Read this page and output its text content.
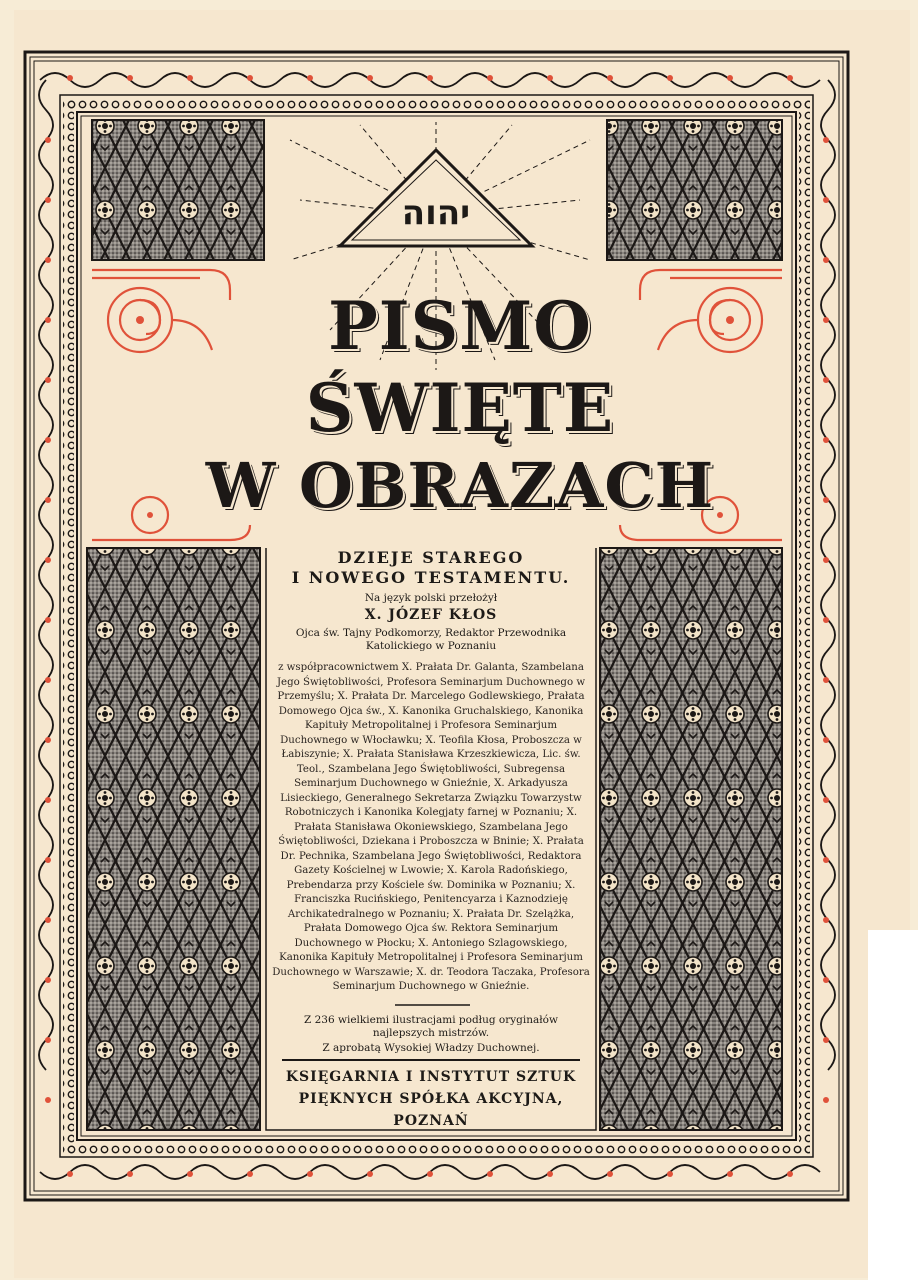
יהוה
PISMO
ŚWIĘTE
W OBRAZACH
DZIEJE STAREGO
I NOWEGO TESTAMENTU.
Na język polski przełożył
X. JÓZEF KŁOS
Ojca św. Tajny Podkomorzy, Redaktor Przewodnika Katolickiego w Poznaniu
z współpracownictwem X. Prałata Dr. Galanta, Szambelana Jego Świętobliwości, Profesora Seminarjum Duchownego w Przemyślu; X. Prałata Dr. Marcelego Godlewskiego, Prałata Domowego Ojca św., X. Kanonika Gruchalskiego, Kanonika Kapituły Metropolitalnej i Profesora Seminarjum Duchownego w Włocławku; X. Teofila Kłosa, Proboszcza w Łabiszynie; X. Prałata Stanisława Krzeszkiewicza, Lic. św. Teol., Szambelana Jego Świętobliwości, Subregensa Seminarjum Duchownego w Gnieźnie, X. Arkadyusza Lisieckiego, Generalnego Sekretarza Związku Towarzystw Robotniczych i Kanonika Kolegjaty farnej w Poznaniu; X. Prałata Stanisława Okoniewskiego, Szambelana Jego Świętobliwości, Dziekana i Proboszcza w Bninie; X. Prałata Dr. Pechnika, Szambelana Jego Świętobliwości, Redaktora Gazety Kościelnej w Lwowie; X. Karola Radońskiego, Prebendarza przy Kościele św. Dominika w Poznaniu; X. Franciszka Rucińskiego, Penitencyarza i Kaznodzieję Archikatedralnego w Poznaniu; X. Prałata Dr. Szelążka, Prałata Domowego Ojca św. Rektora Seminarjum Duchownego w Płocku; X. Antoniego Szlagowskiego, Kanonika Kapituły Metropolitalnej i Profesora Seminarjum Duchownego w Warszawie; X. dr. Teodora Taczaka, Profesora Seminarjum Duchownego w Gnieźnie.
Z 236 wielkiemi ilustracjami podług oryginałów najlepszych mistrzów.
Z aprobatą Wysokiej Władzy Duchownej.
KSIĘGARNIA I INSTYTUT SZTUK
PIĘKNYCH SPÓŁKA AKCYJNA, POZNAŃ
